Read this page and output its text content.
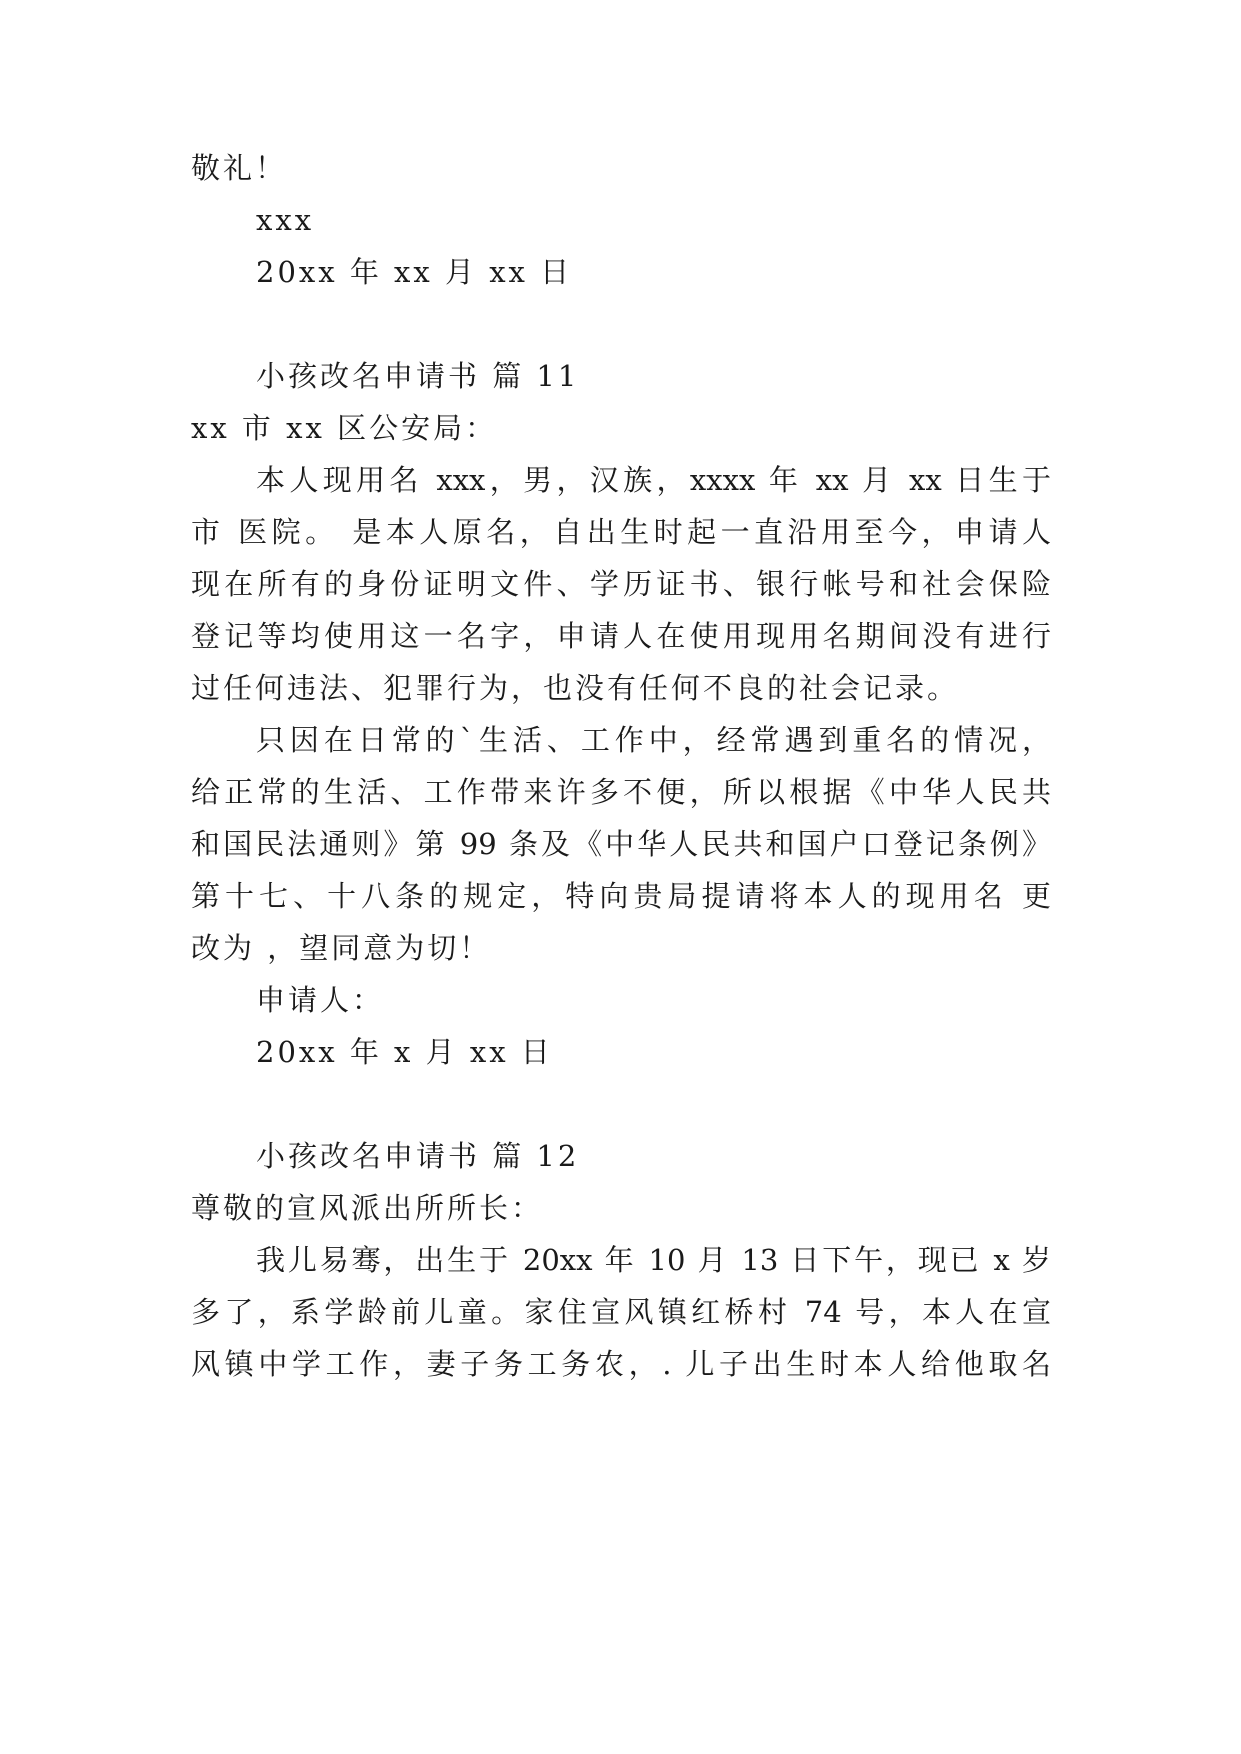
敬礼！
xxx
20xx 年 xx 月 xx 日
小孩改名申请书 篇 11
xx 市 xx 区公安局：
本人现用名 xxx，男，汉族，xxxx 年 xx 月 xx 日生于
市 医院。 是本人原名，自出生时起一直沿用至今，申请人
现在所有的身份证明文件、学历证书、银行帐号和社会保险
登记等均使用这一名字，申请人在使用现用名期间没有进行
过任何违法、犯罪行为，也没有任何不良的社会记录。
只因在日常的`生活、工作中，经常遇到重名的情况，
给正常的生活、工作带来许多不便，所以根据《中华人民共
和国民法通则》第 99 条及《中华人民共和国户口登记条例》
第十七、十八条的规定，特向贵局提请将本人的现用名 更
改为 ，望同意为切！
申请人：
20xx 年 x 月 xx 日
小孩改名申请书 篇 12
尊敬的宣风派出所所长：
我儿易骞，出生于 20xx 年 10 月 13 日下午，现已 x 岁
多了，系学龄前儿童。家住宣风镇红桥村 74 号，本人在宣
风镇中学工作，妻子务工务农，. 儿子出生时本人给他取名
